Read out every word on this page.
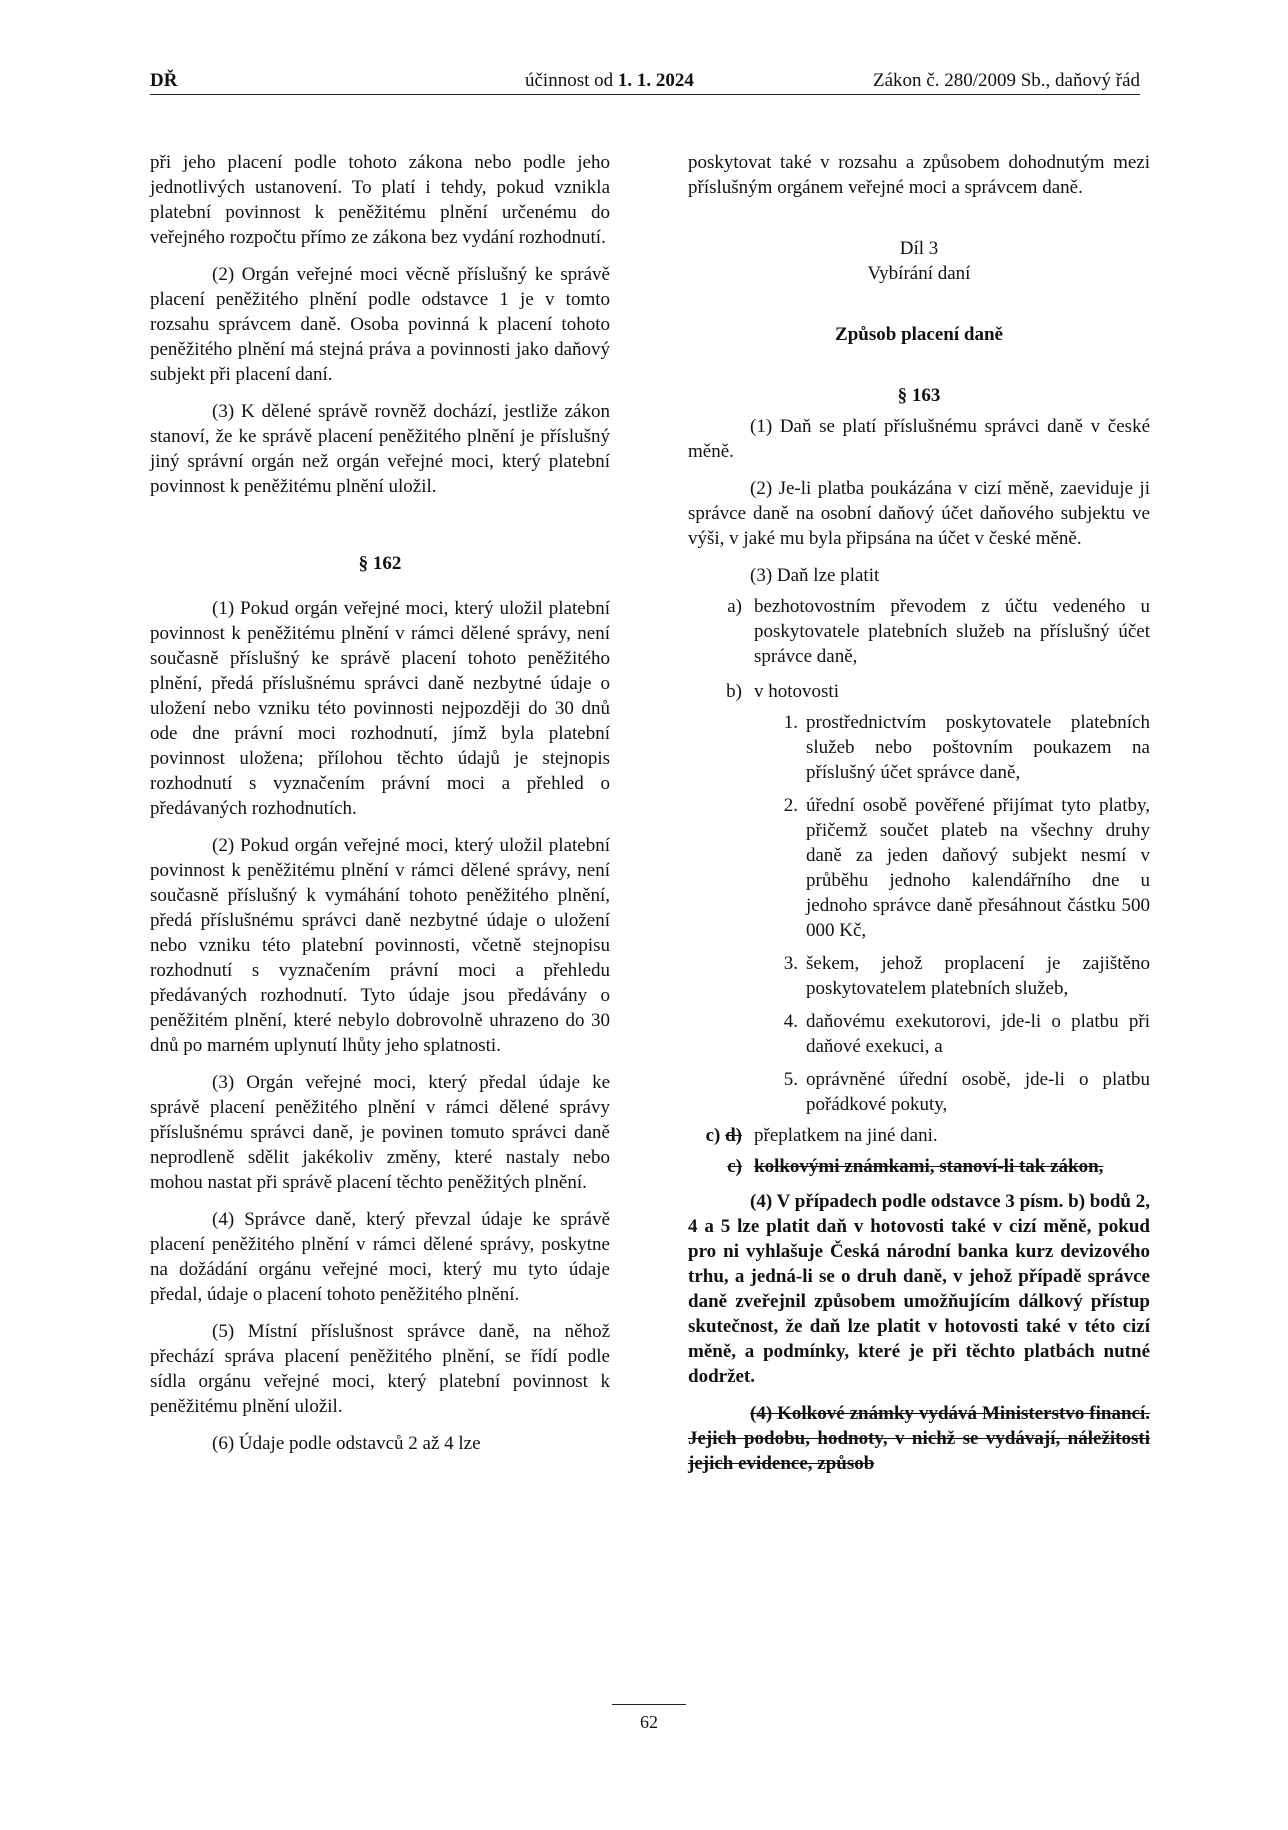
DŘ	účinnost od 1. 1. 2024	Zákon č. 280/2009 Sb., daňový řád

při jeho placení podle tohoto zákona nebo podle jeho jednotlivých ustanovení. To platí i tehdy, pokud vznikla platební povinnost k peněžitému plnění určenému do veřejného rozpočtu přímo ze zákona bez vydání rozhodnutí.

(2) Orgán veřejné moci věcně příslušný ke správě placení peněžitého plnění podle odstavce 1 je v tomto rozsahu správcem daně. Osoba povinná k placení tohoto peněžitého plnění má stejná práva a povinnosti jako daňový subjekt při placení daní.

(3) K dělené správě rovněž dochází, jestliže zákon stanoví, že ke správě placení peněžitého plnění je příslušný jiný správní orgán než orgán veřejné moci, který platební povinnost k peněžitému plnění uložil.

§ 162

(1) Pokud orgán veřejné moci, který uložil platební povinnost k peněžitému plnění v rámci dělené správy, není současně příslušný ke správě placení tohoto peněžitého plnění, předá příslušnému správci daně nezbytné údaje o uložení nebo vzniku této povinnosti nejpozději do 30 dnů ode dne právní moci rozhodnutí, jímž byla platební povinnost uložena; přílohou těchto údajů je stejnopis rozhodnutí s vyznačením právní moci a přehled o předávaných rozhodnutích.

(2) Pokud orgán veřejné moci, který uložil platební povinnost k peněžitému plnění v rámci dělené správy, není současně příslušný k vymáhání tohoto peněžitého plnění, předá příslušnému správci daně nezbytné údaje o uložení nebo vzniku této platební povinnosti, včetně stejnopisu rozhodnutí s vyznačením právní moci a přehledu předávaných rozhodnutí. Tyto údaje jsou předávány o peněžitém plnění, které nebylo dobrovolně uhrazeno do 30 dnů po marném uplynutí lhůty jeho splatnosti.

(3) Orgán veřejné moci, který předal údaje ke správě placení peněžitého plnění v rámci dělené správy příslušnému správci daně, je povinen tomuto správci daně neprodleně sdělit jakékoliv změny, které nastaly nebo mohou nastat při správě placení těchto peněžitých plnění.

(4) Správce daně, který převzal údaje ke správě placení peněžitého plnění v rámci dělené správy, poskytne na dožádání orgánu veřejné moci, který mu tyto údaje předal, údaje o placení tohoto peněžitého plnění.

(5) Místní příslušnost správce daně, na něhož přechází správa placení peněžitého plnění, se řídí podle sídla orgánu veřejné moci, který platební povinnost k peněžitému plnění uložil.

(6) Údaje podle odstavců 2 až 4 lze

poskytovat také v rozsahu a způsobem dohodnutým mezi příslušným orgánem veřejné moci a správcem daně.

Díl 3

Vybírání daní

Způsob placení daně

§ 163

(1) Daň se platí příslušnému správci daně v české měně.

(2) Je-li platba poukázána v cizí měně, zaeviduje ji správce daně na osobní daňový účet daňového subjektu ve výši, v jaké mu byla připsána na účet v české měně.

(3) Daň lze platit

a) bezhotovostním převodem z účtu vedeného u poskytovatele platebních služeb na příslušný účet správce daně,
b) v hotovosti
1. prostřednictvím poskytovatele platebních služeb nebo poštovním poukazem na příslušný účet správce daně,
2. úřední osobě pověřené přijímat tyto platby, přičemž součet plateb na všechny druhy daně za jeden daňový subjekt nesmí v průběhu jednoho kalendářního dne u jednoho správce daně přesáhnout částku 500 000 Kč,
3. šekem, jehož proplacení je zajištěno poskytovatelem platebních služeb,
4. daňovému exekutorovi, jde-li o platbu při daňové exekuci, a
5. oprávněné úřední osobě, jde-li o platbu pořádkové pokuty,
c) d) přeplatkem na jiné dani.
c) kolkovými známkami, stanoví-li tak zákon,

(4) V případech podle odstavce 3 písm. b) bodů 2, 4 a 5 lze platit daň v hotovosti také v cizí měně, pokud pro ni vyhlašuje Česká národní banka kurz devizového trhu, a jedná-li se o druh daně, v jehož případě správce daně zveřejnil způsobem umožňujícím dálkový přístup skutečnost, že daň lze platit v hotovosti také v této cizí měně, a podmínky, které je při těchto platbách nutné dodržet.

(4) Kolkové známky vydává Ministerstvo financí. Jejich podobu, hodnoty, v nichž se vydávají, náležitosti jejich evidence, způsob

62
